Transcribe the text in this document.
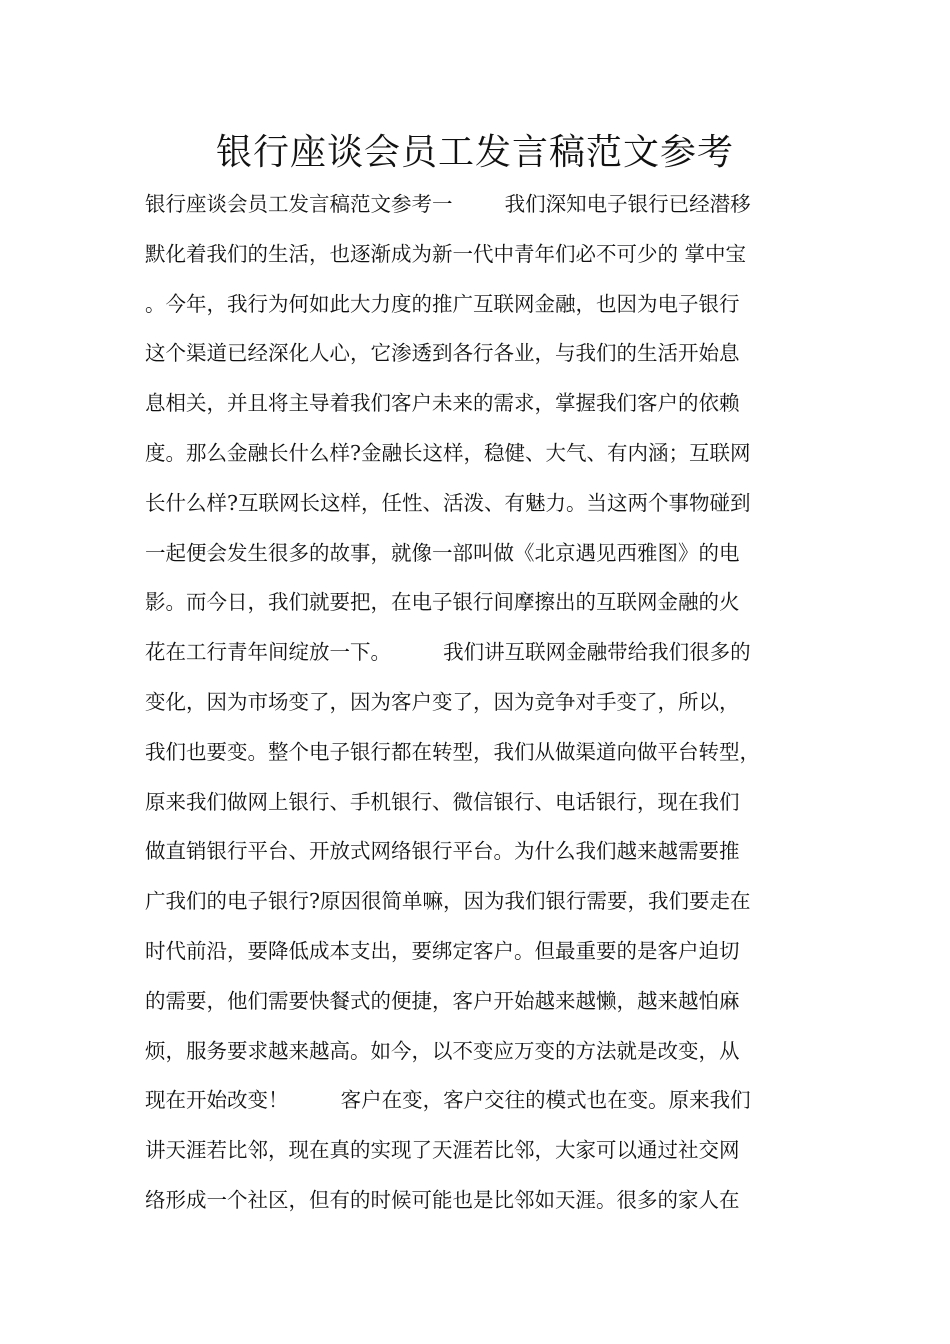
银行座谈会员工发言稿范文参考
银行座谈会员工发言稿范文参考一        我们深知电子银行已经潜移
默化着我们的生活，也逐渐成为新一代中青年们必不可少的 掌中宝
。今年，我行为何如此大力度的推广互联网金融，也因为电子银行
这个渠道已经深化人心，它渗透到各行各业，与我们的生活开始息
息相关，并且将主导着我们客户未来的需求，掌握我们客户的依赖
度。那么金融长什么样?金融长这样，稳健、大气、有内涵；互联网
长什么样?互联网长这样，任性、活泼、有魅力。当这两个事物碰到
一起便会发生很多的故事，就像一部叫做《北京遇见西雅图》的电
影。而今日，我们就要把，在电子银行间摩擦出的互联网金融的火
花在工行青年间绽放一下。        我们讲互联网金融带给我们很多的
变化，因为市场变了，因为客户变了，因为竞争对手变了，所以，
我们也要变。整个电子银行都在转型，我们从做渠道向做平台转型，
原来我们做网上银行、手机银行、微信银行、电话银行，现在我们
做直销银行平台、开放式网络银行平台。为什么我们越来越需要推
广我们的电子银行?原因很简单嘛，因为我们银行需要，我们要走在
时代前沿，要降低成本支出，要绑定客户。但最重要的是客户迫切
的需要，他们需要快餐式的便捷，客户开始越来越懒，越来越怕麻
烦，服务要求越来越高。如今，以不变应万变的方法就是改变，从
现在开始改变！        客户在变，客户交往的模式也在变。原来我们
讲天涯若比邻，现在真的实现了天涯若比邻，大家可以通过社交网
络形成一个社区，但有的时候可能也是比邻如天涯。很多的家人在
